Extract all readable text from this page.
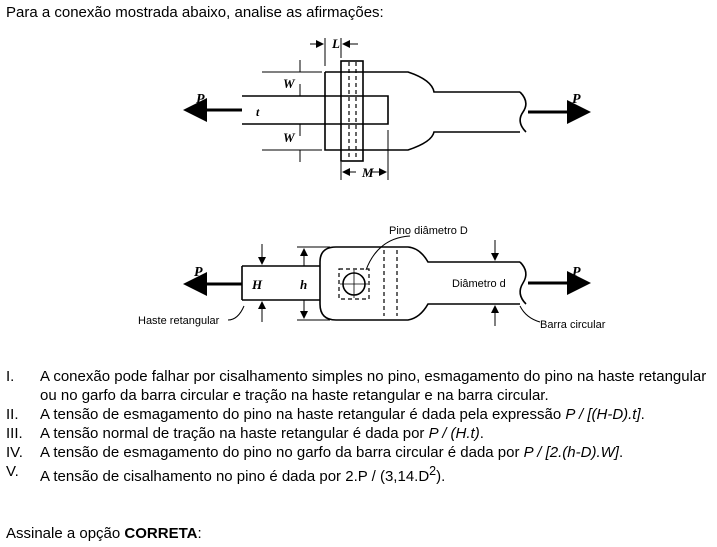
Para a conexão mostrada abaixo, analise as afirmações:
L
W
t
W
M
P	P
Pino diâmetro D
H	h	Diâmetro d
Haste retangular	Barra circular
P	P
I. A conexão pode falhar por cisalhamento simples no pino, esmagamento do pino na haste retangular ou no garfo da barra circular e tração na haste retangular e na barra circular.
II. A tensão de esmagamento do pino na haste retangular é dada pela expressão P / [(H-D).t].
III. A tensão normal de tração na haste retangular é dada por P / (H.t).
IV. A tensão de esmagamento do pino no garfo da barra circular é dada por P / [2.(h-D).W].
V. A tensão de cisalhamento no pino é dada por $2.P / (3,14.D^2)$.
Assinale a opção CORRETA:
